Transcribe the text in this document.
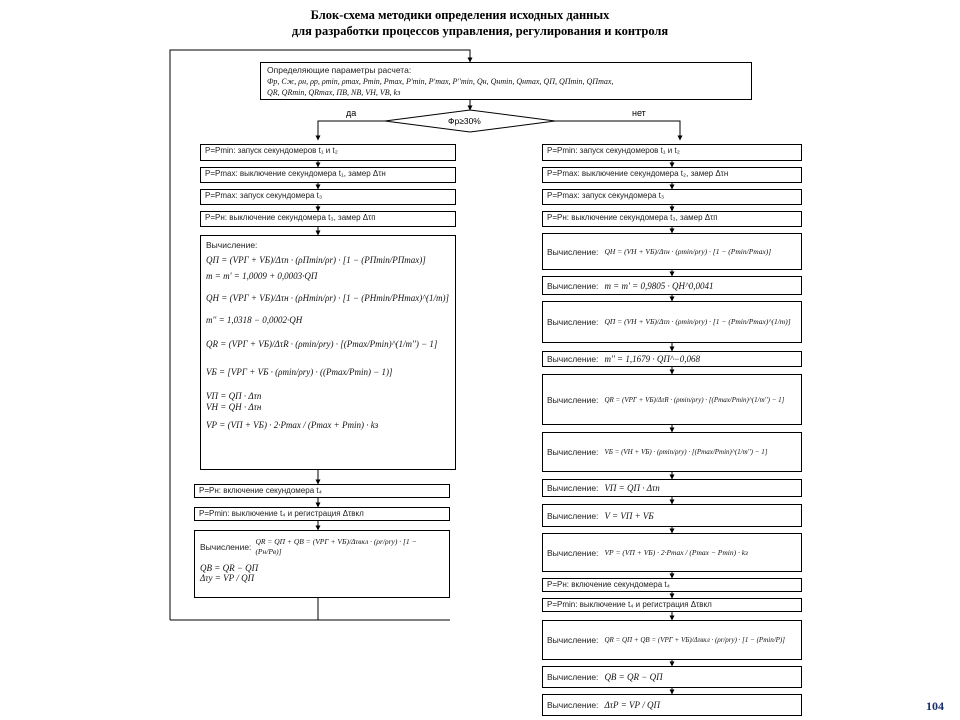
Блок-схема методики определения исходных данных
для разработки процессов управления, регулирования и контроля
Определяющие параметры расчета:
Фр, Сж, ρн, ρр, ρmin, ρmax, Рmin, Рmax, Р'min, Р'max, Р''min, Qн, Qнmin, Qнmax, QП, QПmin, QПmax,
QR, QRmin, QRmax, ПВ, NВ, VН, VВ, kз
Фр≥30%
да	нет
Р=Рmin: запуск секундомеров t₁ и t₂
Р=Рmax: выключение секундомера t₁, замер Δτн
Р=Рmax: запуск секундомера t₃
Р=Рн: выключение секундомера t₃, замер Δτп
Вычисление:
QП = (VРГ + VБ)/Δτп · (ρПmin/ρr) · [1 − (PПmin/PПmax)]
m = m' = 1,0009 + 0,0003·QП
QН = (VРГ + VБ)/Δτн · (ρНmin/ρr) · [1 − (PНmin/PНmax)^(1/m)]
m'' = 1,0318 − 0,0002·QН
QR = (VРГ + VБ)/ΔτR · (ρmin/ρrу) · [(Pmax/Pmin)^(1/m'') − 1]
VБ = [VРГ + VБ · (ρmin/ρrу) · ((Pmax/Pmin) − 1)]
VП = QП · Δτп
VН = QН · Δτн
VР = (VП + VБ) · 2·Pmax / (Pmax + Pmin) · kз
Р=Рн: включение секундомера t₄
Р=Рmin: выключение t₄ и регистрация Δτвкл
Вычисление:
QR = QП + QВ = (VРГ + VБ)/Δτвкл · (ρr/ρrу) · [1 − (Pн/Pв)]
QВ = QR − QП
Δτу = VР / QП
Р=Рmin: запуск секундомеров t₁ и t₂
Р=Рmax: выключение секундомера t₂, замер Δτн
Р=Рmax: запуск секундомера t₃
Р=Рн: выключение секундомера t₃, замер Δτп
Вычисление: QН = (VН + VБ)/Δτн · (ρmin/ρrу) · [1 − (Pmin/Pmax)]
Вычисление: m = m' = 0,9805 · QН^0,0041
Вычисление: QП = (VН + VБ)/Δτп · (ρmin/ρrу) · [1 − (Pmin/Pmax)^(1/m)]
Вычисление: m'' = 1,1679 · QП^−0,068
Вычисление: QR = (VРГ + VБ)/ΔτR · (ρmin/ρrу) · [(Pmax/Pmin)^(1/m'') − 1]
Вычисление: VБ = (VН + VБ) · (ρmin/ρrу) · [(Pmax/Pmin)^(1/m'') − 1]
Вычисление: VП = QП · Δτп
Вычисление: V = VП + VБ
Вычисление: VР = (VП + VБ) · 2·Pmax / (Pmax − Pmin) · kз
Р=Рн: включение секундомера t₄
Р=Рmin: выключение t₄ и регистрация Δτвкл
Вычисление: QR = QП + QВ = (VРГ + VБ)/Δτвкл · (ρr/ρrу) · [1 − (Pmin/P)]
Вычисление: QВ = QR − QП
Вычисление: ΔτР = VР / QП	104
